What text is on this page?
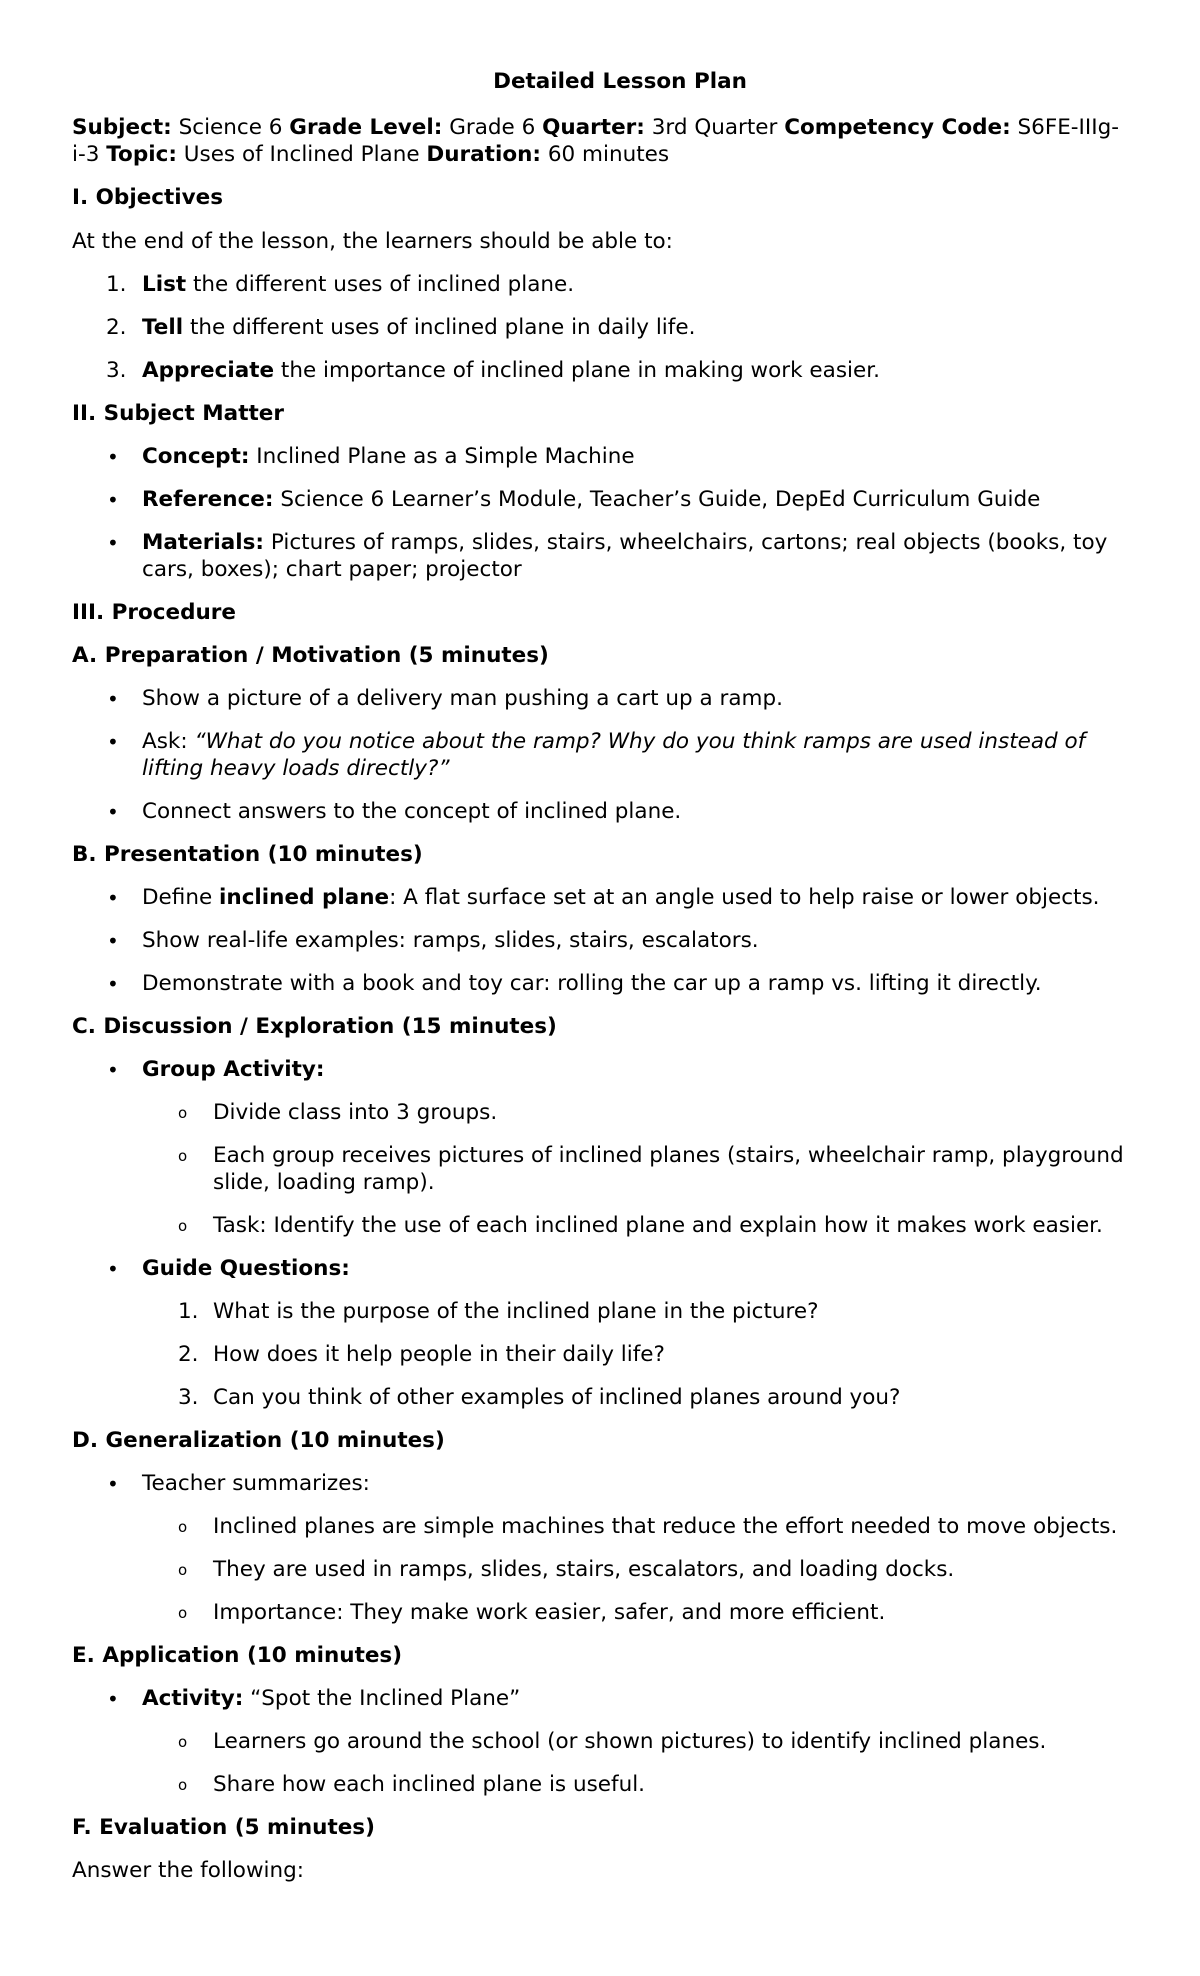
Detailed Lesson Plan
Subject: Science 6 Grade Level: Grade 6 Quarter: 3rd Quarter Competency Code: S6FE-IIIg-
i-3 Topic: Uses of Inclined Plane Duration: 60 minutes
I. Objectives
At the end of the lesson, the learners should be able to:
1. List the different uses of inclined plane.
2. Tell the different uses of inclined plane in daily life.
3. Appreciate the importance of inclined plane in making work easier.
II. Subject Matter
• Concept: Inclined Plane as a Simple Machine
• Reference: Science 6 Learner’s Module, Teacher’s Guide, DepEd Curriculum Guide
• Materials: Pictures of ramps, slides, stairs, wheelchairs, cartons; real objects (books, toy
cars, boxes); chart paper; projector
III. Procedure
A. Preparation / Motivation (5 minutes)
• Show a picture of a delivery man pushing a cart up a ramp.
• Ask: “What do you notice about the ramp? Why do you think ramps are used instead of
lifting heavy loads directly?”
• Connect answers to the concept of inclined plane.
B. Presentation (10 minutes)
• Define inclined plane: A flat surface set at an angle used to help raise or lower objects.
• Show real-life examples: ramps, slides, stairs, escalators.
• Demonstrate with a book and toy car: rolling the car up a ramp vs. lifting it directly.
C. Discussion / Exploration (15 minutes)
• Group Activity:
o Divide class into 3 groups.
o Each group receives pictures of inclined planes (stairs, wheelchair ramp, playground
slide, loading ramp).
o Task: Identify the use of each inclined plane and explain how it makes work easier.
• Guide Questions:
1. What is the purpose of the inclined plane in the picture?
2. How does it help people in their daily life?
3. Can you think of other examples of inclined planes around you?
D. Generalization (10 minutes)
• Teacher summarizes:
o Inclined planes are simple machines that reduce the effort needed to move objects.
o They are used in ramps, slides, stairs, escalators, and loading docks.
o Importance: They make work easier, safer, and more efficient.
E. Application (10 minutes)
• Activity: “Spot the Inclined Plane”
o Learners go around the school (or shown pictures) to identify inclined planes.
o Share how each inclined plane is useful.
F. Evaluation (5 minutes)
Answer the following:
